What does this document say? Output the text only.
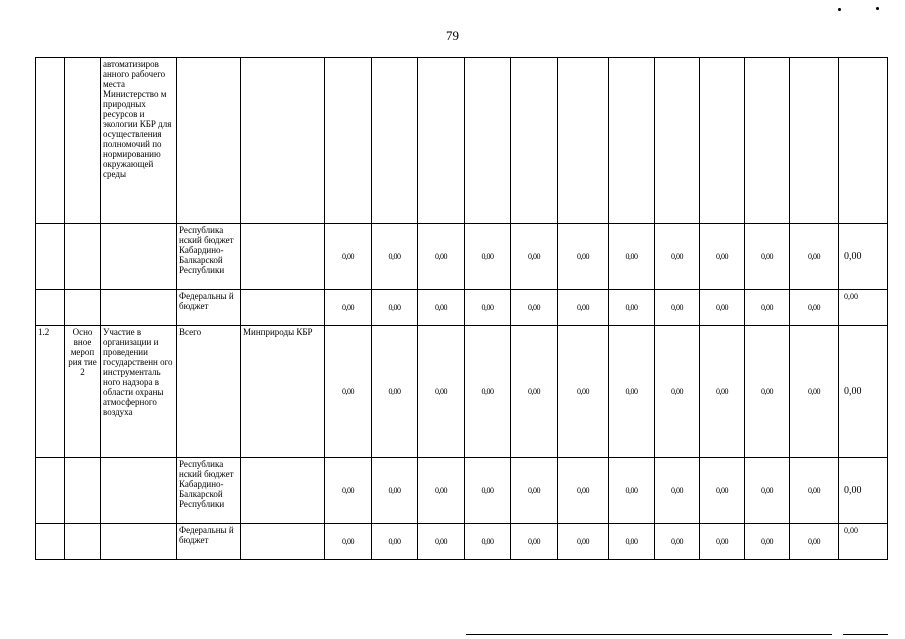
79
		автоматизиров анного рабочего места Министерство м природных ресурсов и экологии КБР для осуществления полномочий по нормированию окружающей среды														
			Республика нский бюджет Кабардино-Балкарской Республики		0,00	0,00	0,00	0,00	0,00	0,00	0,00	0,00	0,00	0,00	0,00	0,00
			Федеральны й бюджет		0,00	0,00	0,00	0,00	0,00	0,00	0,00	0,00	0,00	0,00	0,00	0,00
1.2	Осно вное мероп рия тие 2	Участие в организации и проведении государственн ого инструменталь ного надзора в области охраны атмосферного воздуха	Всего	Минприроды КБР	0,00	0,00	0,00	0,00	0,00	0,00	0,00	0,00	0,00	0,00	0,00	0,00
			Республика нский бюджет Кабардино-Балкарской Республики		0,00	0,00	0,00	0,00	0,00	0,00	0,00	0,00	0,00	0,00	0,00	0,00
			Федеральны й бюджет		0,00	0,00	0,00	0,00	0,00	0,00	0,00	0,00	0,00	0,00	0,00	0,00
